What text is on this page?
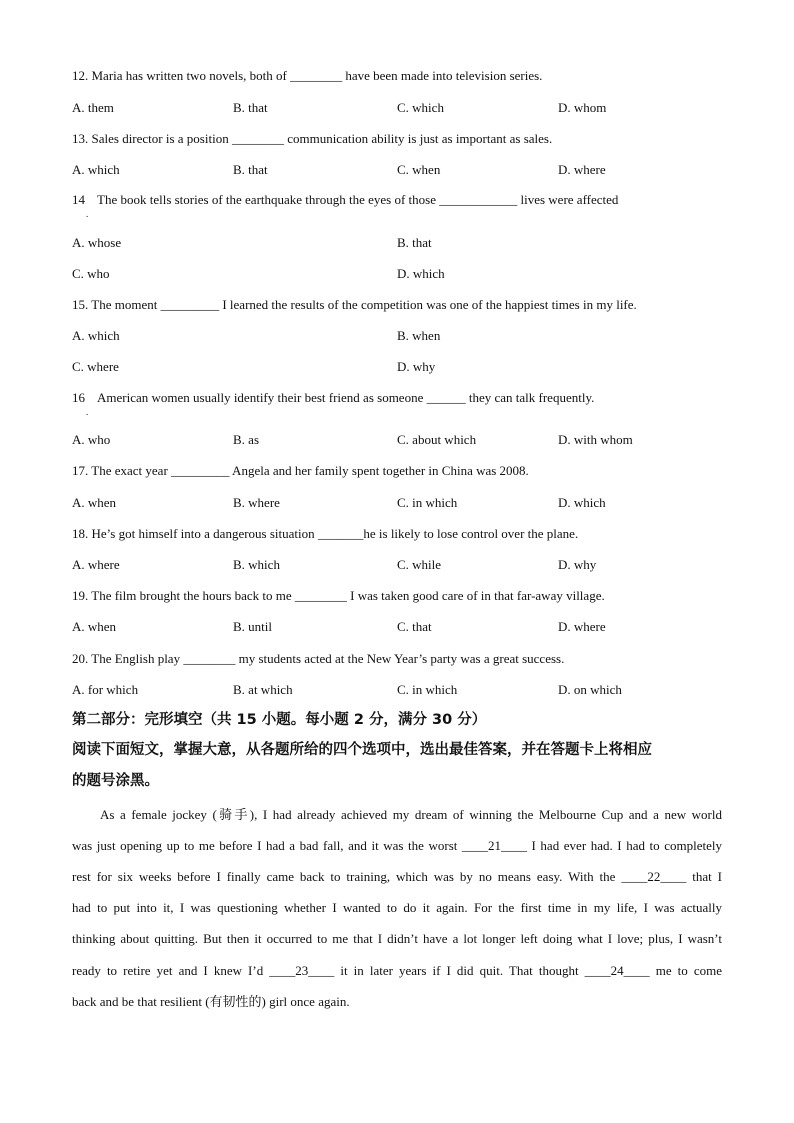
12. Maria has written two novels, both of ________ have been made into television series.
A. them	B. that	C. which	D. whom
13. Sales director is a position ________ communication ability is just as important as sales.
A. which	B. that	C. when	D. where
14
.
The book tells stories of the earthquake through the eyes of those ____________ lives were affected
A. whose	B. that
C. who	D. which
15. The moment _________ I learned the results of the competition was one of the happiest times in my life.
A. which	B. when
C. where	D. why
16
.
American women usually identify their best friend as someone ______ they can talk frequently.
A. who	B. as	C. about which	D. with whom
17. The exact year _________ Angela and her family spent together in China was 2008.
A. when	B. where	C. in which	D. which
18. He’s got himself into a dangerous situation _______he is likely to lose control over the plane.
A. where	B. which	C. while	D. why
19. The film brought the hours back to me ________ I was taken good care of in that far-away village.
A. when	B. until	C. that	D. where
20. The English play ________ my students acted at the New Year’s party was a great success.
A. for which	B. at which	C. in which	D. on which
第二部分：完形填空（共 15 小题。每小题 2 分，满分 30 分）
阅读下面短文，掌握大意，从各题所给的四个选项中，选出最佳答案，并在答题卡上将相应
的题号涂黑。
As a female jockey (骑手), I had already achieved my dream of winning the Melbourne Cup and a new world
was just opening up to me before I had a bad fall, and it was the worst ____21____ I had ever had. I had to completely
rest for six weeks before I finally came back to training, which was by no means easy. With the ____22____ that I
had to put into it, I was questioning whether I wanted to do it again. For the first time in my life, I was actually
thinking about quitting. But then it occurred to me that I didn’t have a lot longer left doing what I love; plus, I wasn’t
ready to retire yet and I knew I’d ____23____ it in later years if I did quit. That thought ____24____ me to come
back and be that resilient (有韧性的) girl once again.
